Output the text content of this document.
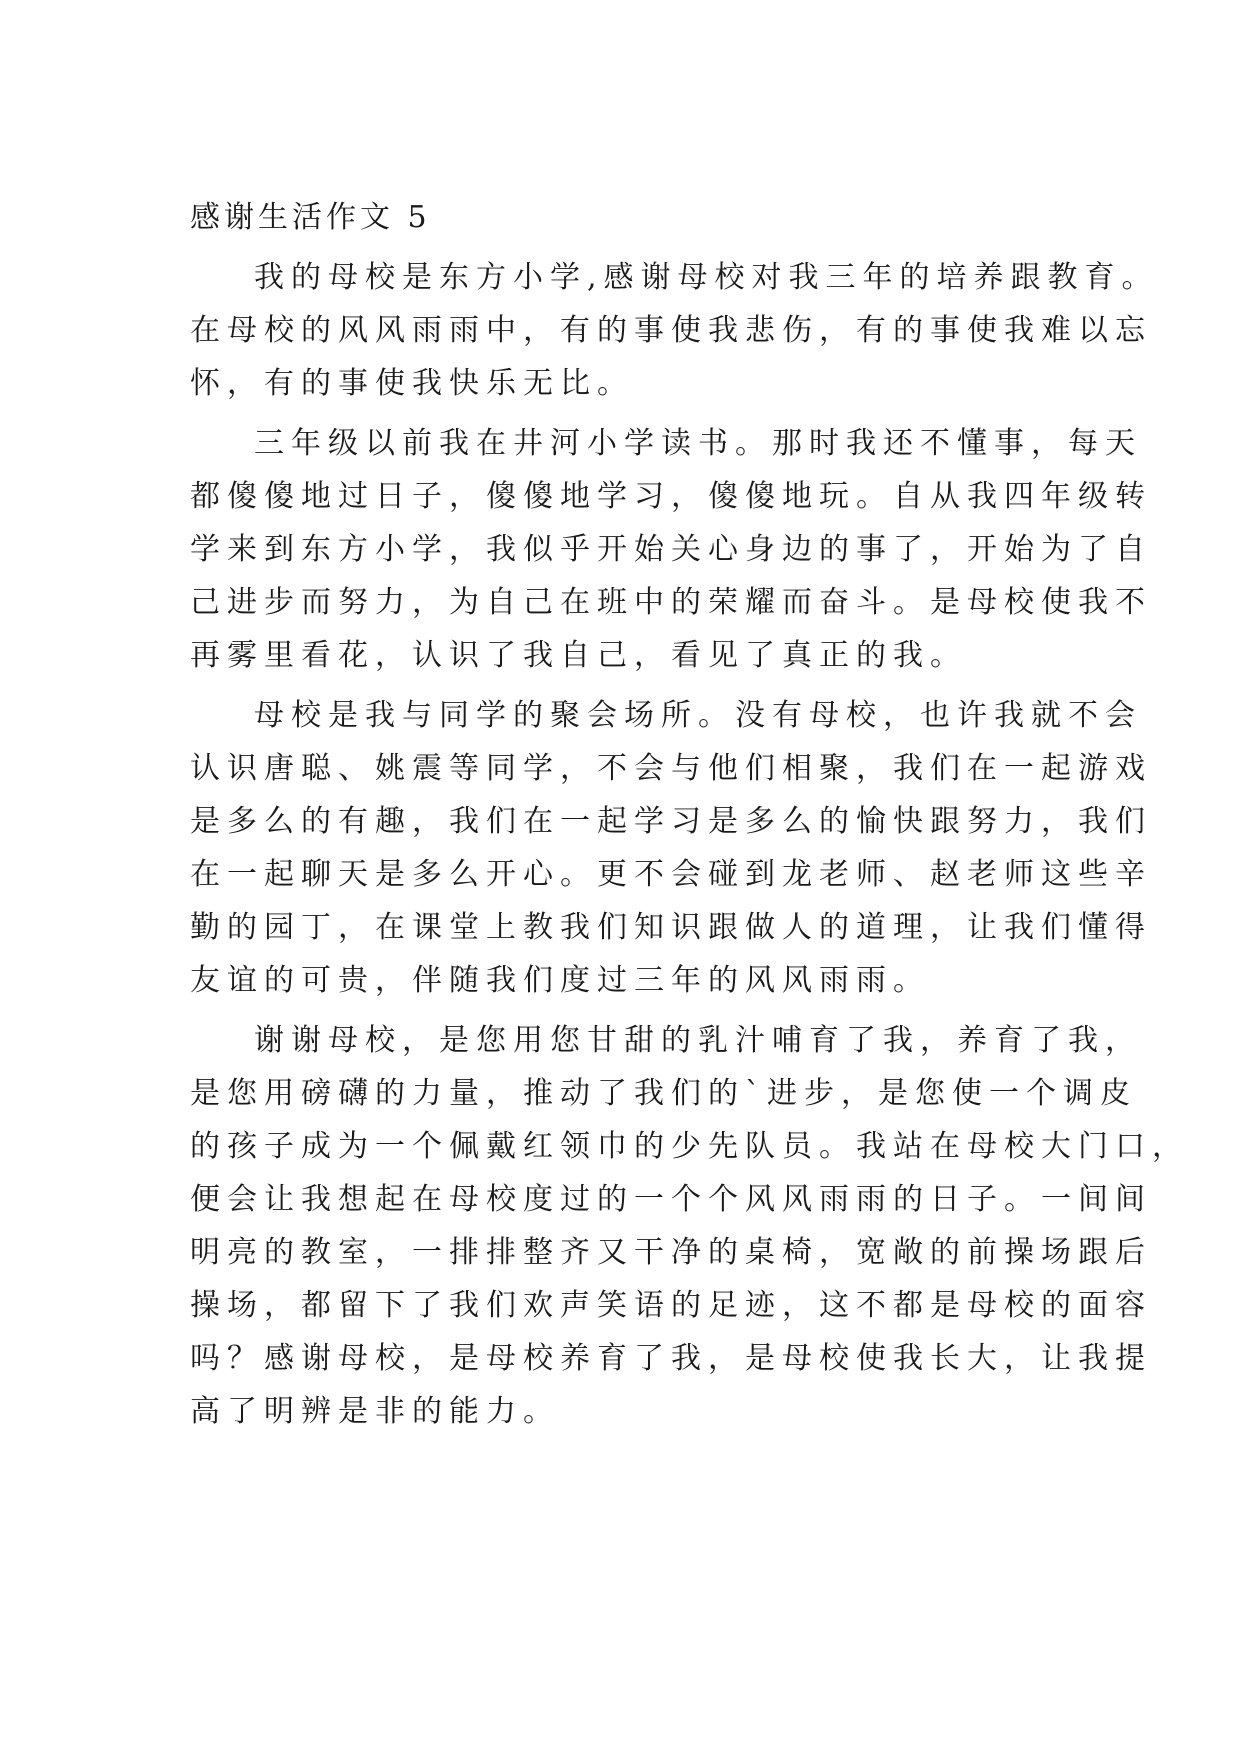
感谢生活作文 5
我的母校是东方小学,感谢母校对我三年的培养跟教育。
在母校的风风雨雨中，有的事使我悲伤，有的事使我难以忘
怀，有的事使我快乐无比。
三年级以前我在井河小学读书。那时我还不懂事，每天
都傻傻地过日子，傻傻地学习，傻傻地玩。自从我四年级转
学来到东方小学，我似乎开始关心身边的事了，开始为了自
己进步而努力，为自己在班中的荣耀而奋斗。是母校使我不
再雾里看花，认识了我自己，看见了真正的我。
母校是我与同学的聚会场所。没有母校，也许我就不会
认识唐聪、姚震等同学，不会与他们相聚，我们在一起游戏
是多么的有趣，我们在一起学习是多么的愉快跟努力，我们
在一起聊天是多么开心。更不会碰到龙老师、赵老师这些辛
勤的园丁，在课堂上教我们知识跟做人的道理，让我们懂得
友谊的可贵，伴随我们度过三年的风风雨雨。
谢谢母校，是您用您甘甜的乳汁哺育了我，养育了我，
是您用磅礴的力量，推动了我们的`进步，是您使一个调皮
的孩子成为一个佩戴红领巾的少先队员。我站在母校大门口，
便会让我想起在母校度过的一个个风风雨雨的日子。一间间
明亮的教室，一排排整齐又干净的桌椅，宽敞的前操场跟后
操场，都留下了我们欢声笑语的足迹，这不都是母校的面容
吗？感谢母校，是母校养育了我，是母校使我长大，让我提
高了明辨是非的能力。
